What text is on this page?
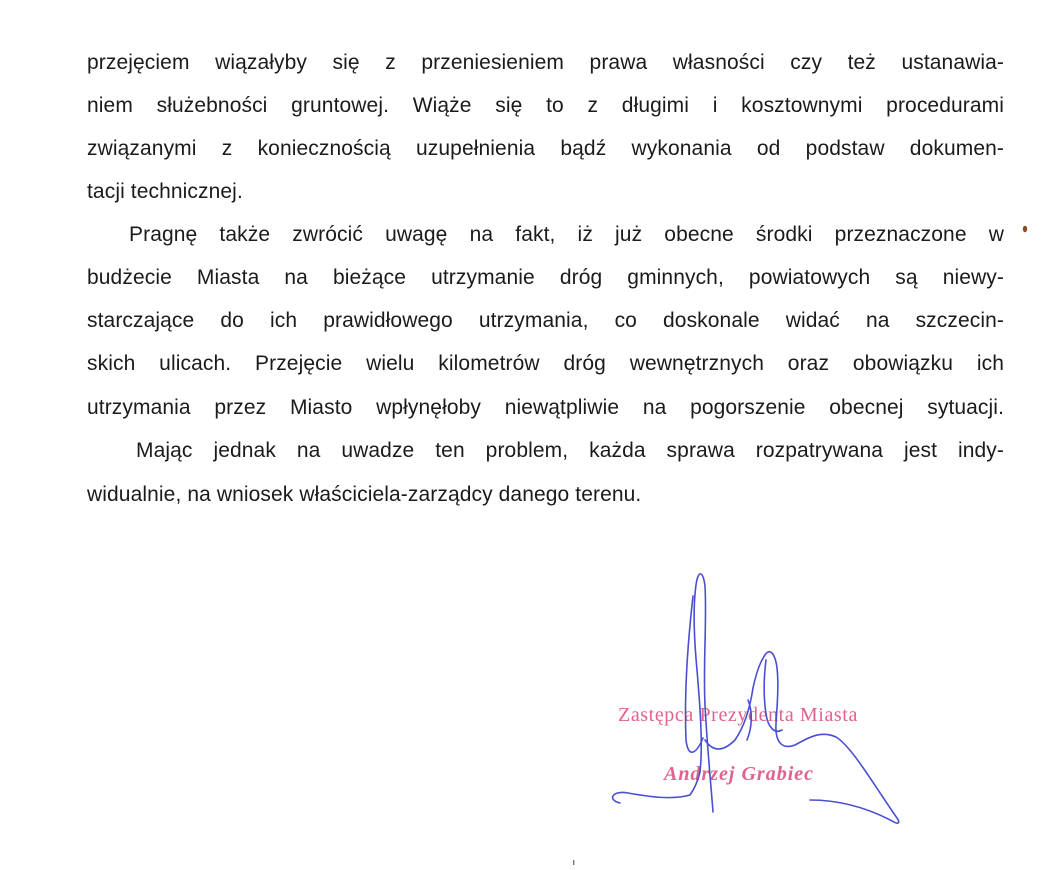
przejęciem wiązałyby się z przeniesieniem prawa własności czy też ustanawia-
niem służebności gruntowej. Wiąże się to z długimi i kosztownymi procedurami
związanymi z koniecznością uzupełnienia bądź wykonania od podstaw dokumen-
tacji technicznej.
Pragnę także zwrócić uwagę na fakt, iż już obecne środki przeznaczone w
budżecie Miasta na bieżące utrzymanie dróg gminnych, powiatowych są niewy-
starczające do ich prawidłowego utrzymania, co doskonale widać na szczecin-
skich ulicach. Przejęcie wielu kilometrów dróg wewnętrznych oraz obowiązku ich
utrzymania przez Miasto wpłynęłoby niewątpliwie na pogorszenie obecnej sytuacji.
Mając jednak na uwadze ten problem, każda sprawa rozpatrywana jest indy-
widualnie, na wniosek właściciela-zarządcy danego terenu.
Zastępca Prezydenta Miasta
Andrzej Grabiec
